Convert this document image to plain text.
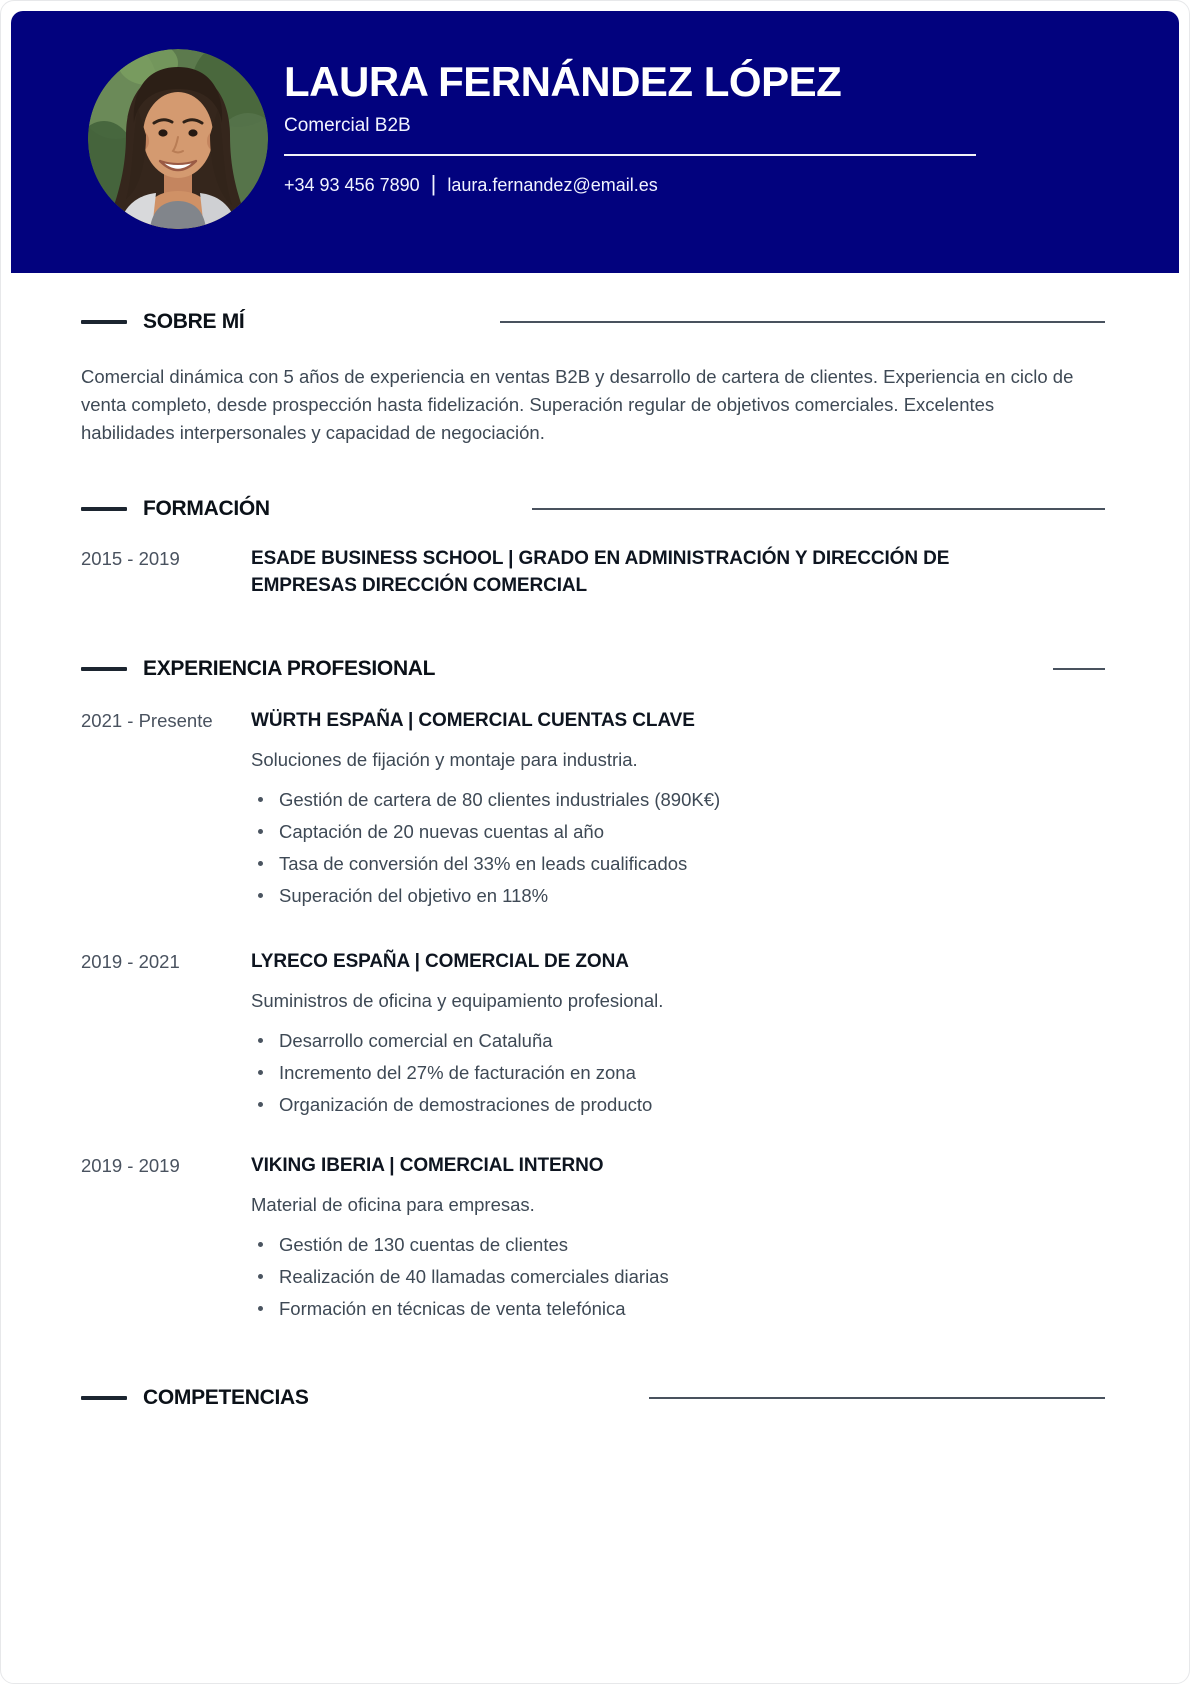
LAURA FERNÁNDEZ LÓPEZ
Comercial B2B
+34 93 456 7890 | laura.fernandez@email.es
SOBRE MÍ

Comercial dinámica con 5 años de experiencia en ventas B2B y desarrollo de cartera de clientes. Experiencia en ciclo de venta completo, desde prospección hasta fidelización. Superación regular de objetivos comerciales. Excelentes habilidades interpersonales y capacidad de negociación.

FORMACIÓN
2015 - 2019	ESADE BUSINESS SCHOOL | GRADO EN ADMINISTRACIÓN Y DIRECCIÓN DE EMPRESAS DIRECCIÓN COMERCIAL
EXPERIENCIA PROFESIONAL
2021 - Presente	WÜRTH ESPAÑA | COMERCIAL CUENTAS CLAVE
Soluciones de fijación y montaje para industria.
Gestión de cartera de 80 clientes industriales (890K€)
Captación de 20 nuevas cuentas al año
Tasa de conversión del 33% en leads cualificados
Superación del objetivo en 118%
2019 - 2021	LYRECO ESPAÑA | COMERCIAL DE ZONA
Suministros de oficina y equipamiento profesional.
Desarrollo comercial en Cataluña
Incremento del 27% de facturación en zona
Organización de demostraciones de producto
2019 - 2019	VIKING IBERIA | COMERCIAL INTERNO
Material de oficina para empresas.
Gestión de 130 cuentas de clientes
Realización de 40 llamadas comerciales diarias
Formación en técnicas de venta telefónica
COMPETENCIAS
